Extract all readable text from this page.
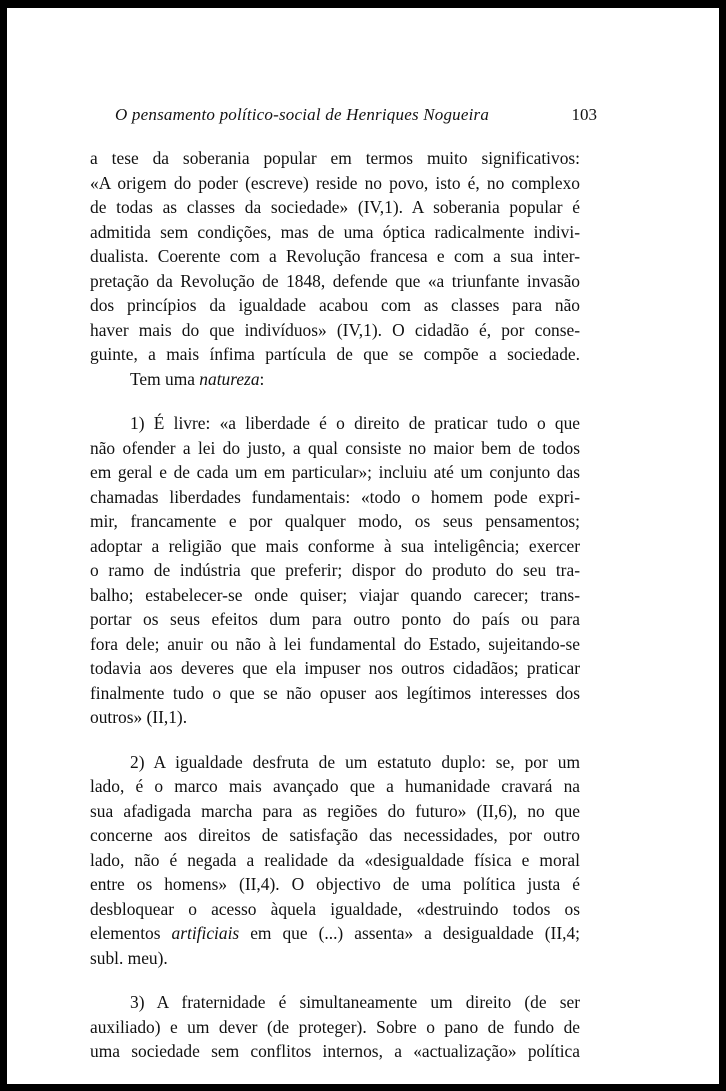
O pensamento político-social de Henriques Nogueira	103
a tese da soberania popular em termos muito significativos:
«A origem do poder (escreve) reside no povo, isto é, no complexo
de todas as classes da sociedade» (IV,1). A soberania popular é
admitida sem condições, mas de uma óptica radicalmente indivi-
dualista. Coerente com a Revolução francesa e com a sua inter-
pretação da Revolução de 1848, defende que «a triunfante invasão
dos princípios da igualdade acabou com as classes para não
haver mais do que indivíduos» (IV,1). O cidadão é, por conse-
guinte, a mais ínfima partícula de que se compõe a sociedade.
Tem uma natureza:
1) É livre: «a liberdade é o direito de praticar tudo o que
não ofender a lei do justo, a qual consiste no maior bem de todos
em geral e de cada um em particular»; incluiu até um conjunto das
chamadas liberdades fundamentais: «todo o homem pode expri-
mir, francamente e por qualquer modo, os seus pensamentos;
adoptar a religião que mais conforme à sua inteligência; exercer
o ramo de indústria que preferir; dispor do produto do seu tra-
balho; estabelecer-se onde quiser; viajar quando carecer; trans-
portar os seus efeitos dum para outro ponto do país ou para
fora dele; anuir ou não à lei fundamental do Estado, sujeitando-se
todavia aos deveres que ela impuser nos outros cidadãos; praticar
finalmente tudo o que se não opuser aos legítimos interesses dos
outros» (II,1).
2) A igualdade desfruta de um estatuto duplo: se, por um
lado, é o marco mais avançado que a humanidade cravará na
sua afadigada marcha para as regiões do futuro» (II,6), no que
concerne aos direitos de satisfação das necessidades, por outro
lado, não é negada a realidade da «desigualdade física e moral
entre os homens» (II,4). O objectivo de uma política justa é
desbloquear o acesso àquela igualdade, «destruindo todos os
elementos artificiais em que (...) assenta» a desigualdade (II,4;
subl. meu).
3) A fraternidade é simultaneamente um direito (de ser
auxiliado) e um dever (de proteger). Sobre o pano de fundo de
uma sociedade sem conflitos internos, a «actualização» política
